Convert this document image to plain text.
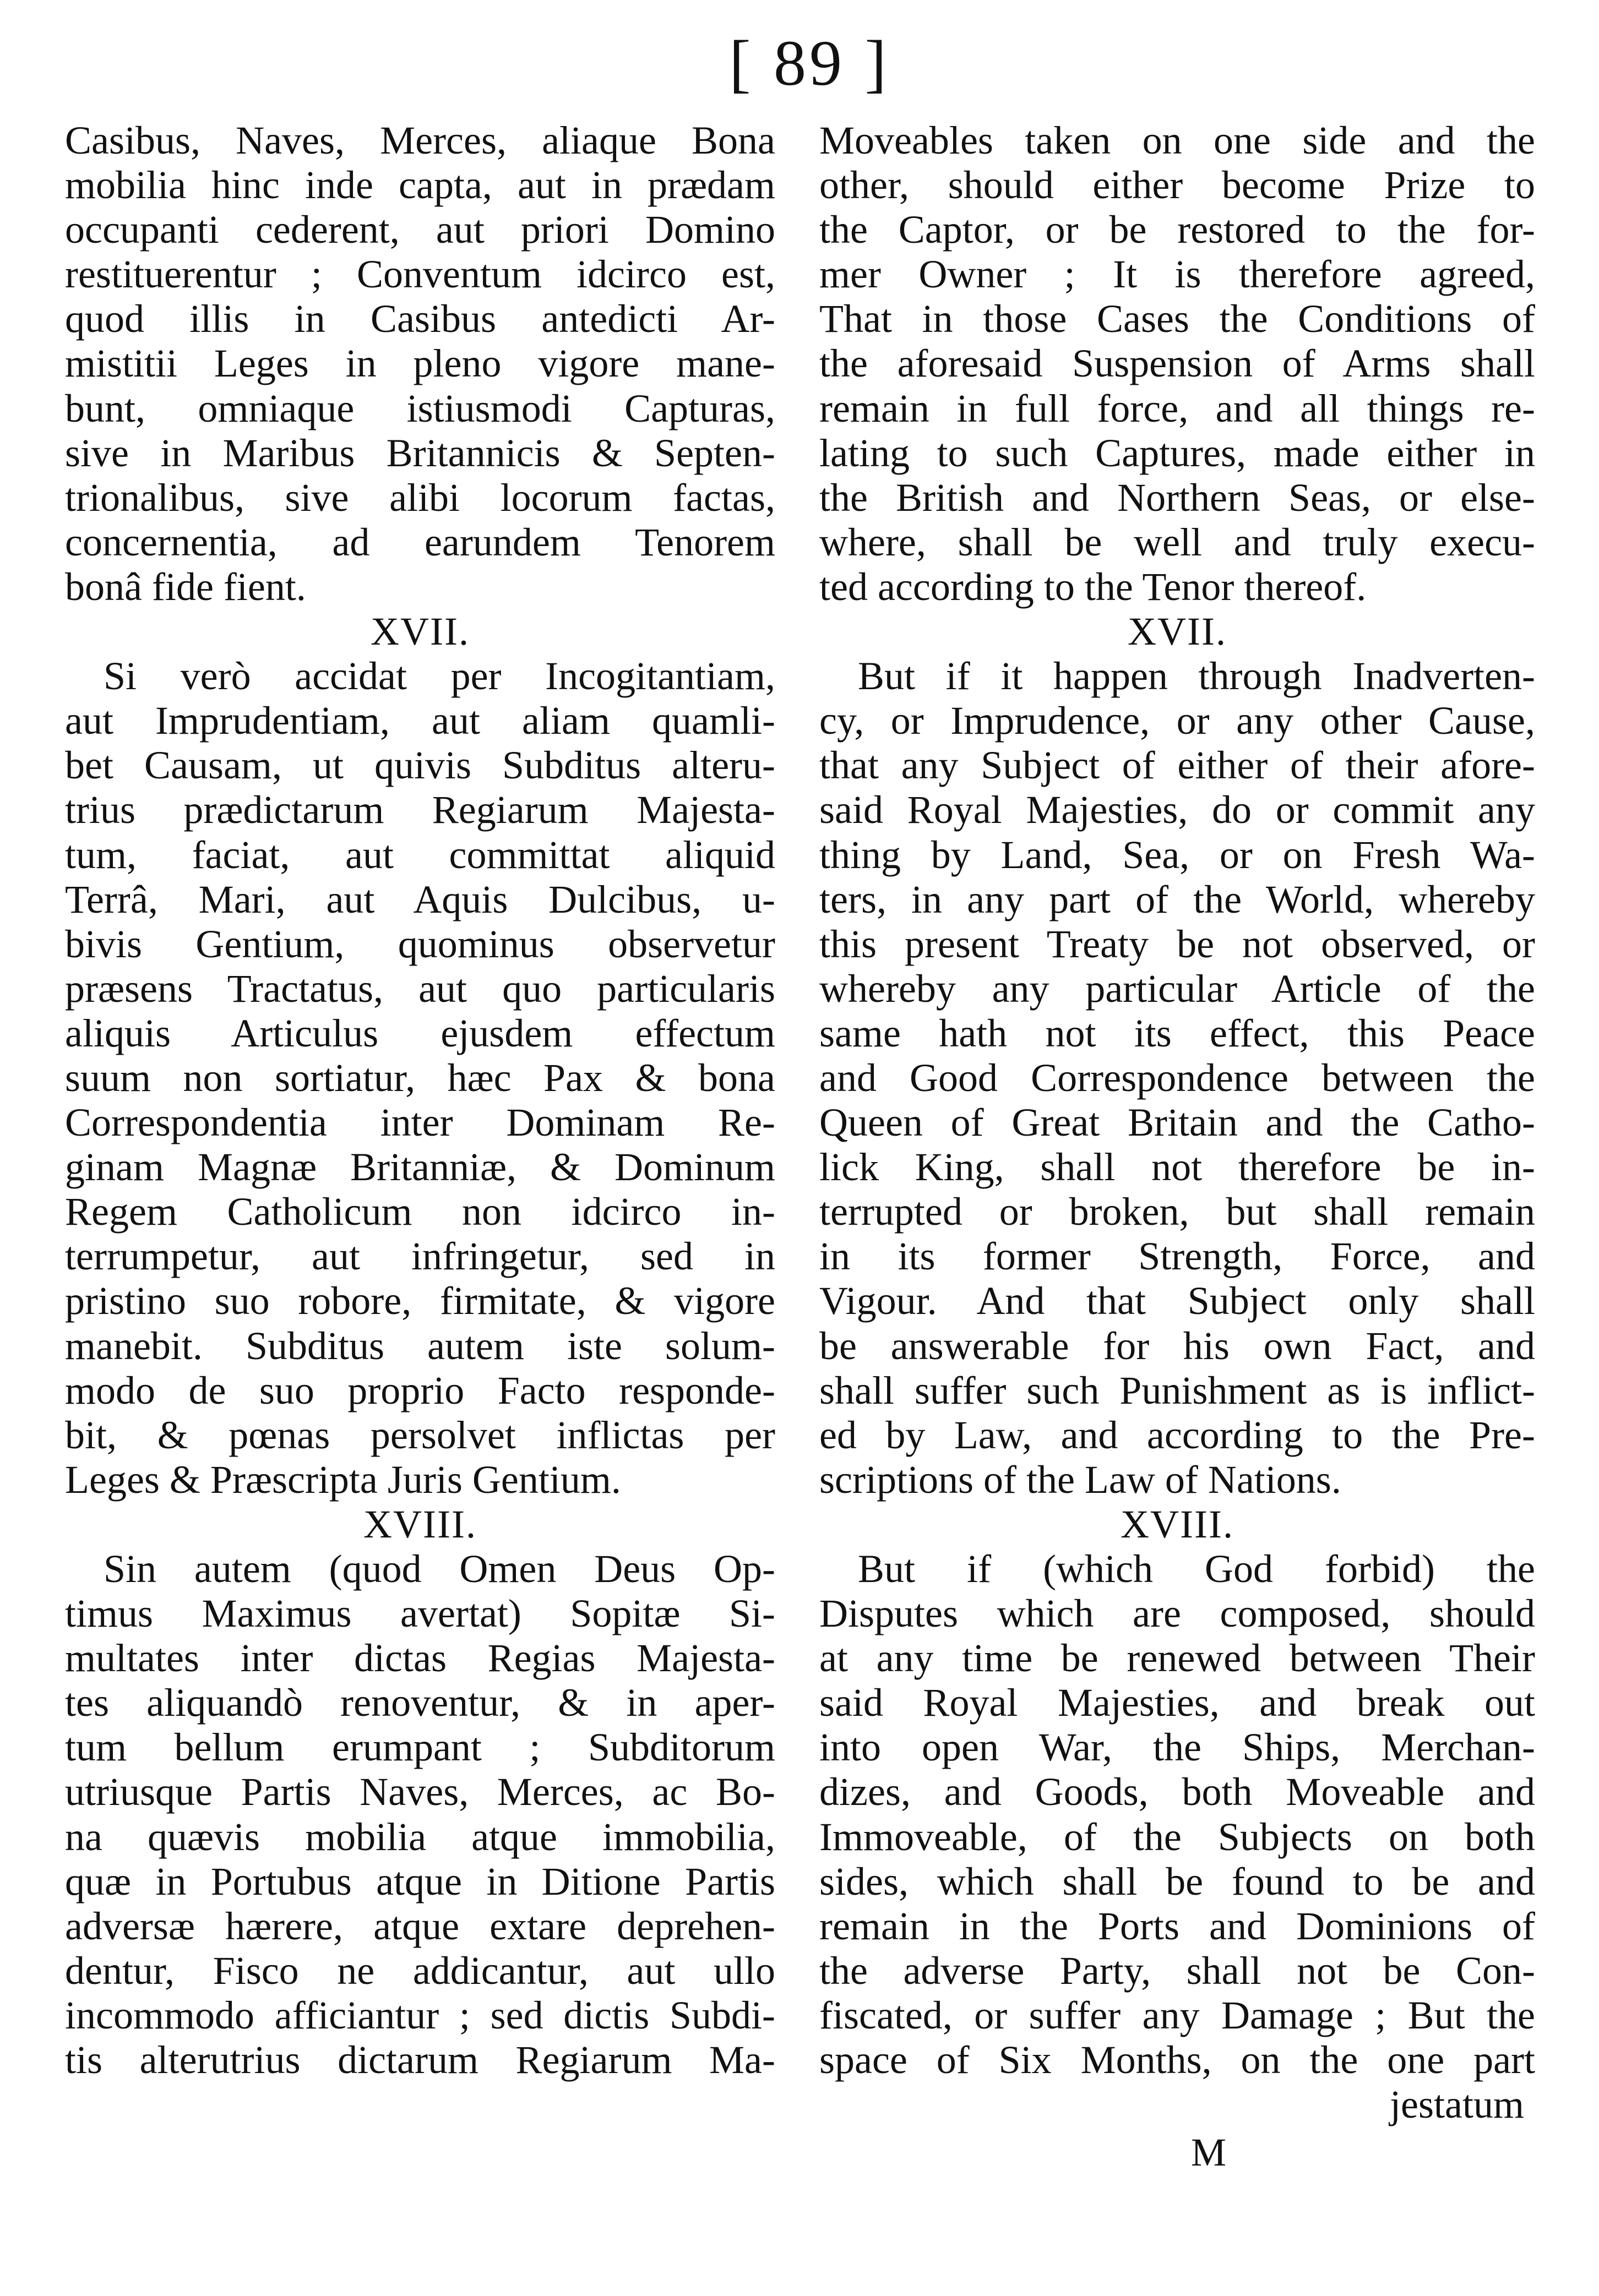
[ 89 ]
Casibus, Naves, Merces, aliaque Bona
mobilia hinc inde capta, aut in prædam
occupanti cederent, aut priori Domino
restituerentur ; Conventum idcirco est,
quod illis in Casibus antedicti Ar-
mistitii Leges in pleno vigore mane-
bunt, omniaque istiusmodi Capturas,
sive in Maribus Britannicis & Septen-
trionalibus, sive alibi locorum factas,
concernentia, ad earundem Tenorem
bonâ fide fient.
XVII.
Si verò accidat per Incogitantiam,
aut Imprudentiam, aut aliam quamli-
bet Causam, ut quivis Subditus alteru-
trius prædictarum Regiarum Majesta-
tum, faciat, aut committat aliquid
Terrâ, Mari, aut Aquis Dulcibus, u-
bivis Gentium, quominus observetur
præsens Tractatus, aut quo particularis
aliquis Articulus ejusdem effectum
suum non sortiatur, hæc Pax & bona
Correspondentia inter Dominam Re-
ginam Magnæ Britanniæ, & Dominum
Regem Catholicum non idcirco in-
terrumpetur, aut infringetur, sed in
pristino suo robore, firmitate, & vigore
manebit. Subditus autem iste solum-
modo de suo proprio Facto responde-
bit, & pœnas persolvet inflictas per
Leges & Præscripta Juris Gentium.
XVIII.
Sin autem (quod Omen Deus Op-
timus Maximus avertat) Sopitæ Si-
multates inter dictas Regias Majesta-
tes aliquandò renoventur, & in aper-
tum bellum erumpant ; Subditorum
utriusque Partis Naves, Merces, ac Bo-
na quævis mobilia atque immobilia,
quæ in Portubus atque in Ditione Partis
adversæ hærere, atque extare deprehen-
dentur, Fisco ne addicantur, aut ullo
incommodo afficiantur ; sed dictis Subdi-
tis alterutrius dictarum Regiarum Ma-
Moveables taken on one side and the
other, should either become Prize to
the Captor, or be restored to the for-
mer Owner ; It is therefore agreed,
That in those Cases the Conditions of
the aforesaid Suspension of Arms shall
remain in full force, and all things re-
lating to such Captures, made either in
the British and Northern Seas, or else-
where, shall be well and truly execu-
ted according to the Tenor thereof.
XVII.
But if it happen through Inadverten-
cy, or Imprudence, or any other Cause,
that any Subject of either of their afore-
said Royal Majesties, do or commit any
thing by Land, Sea, or on Fresh Wa-
ters, in any part of the World, whereby
this present Treaty be not observed, or
whereby any particular Article of the
same hath not its effect, this Peace
and Good Correspondence between the
Queen of Great Britain and the Catho-
lick King, shall not therefore be in-
terrupted or broken, but shall remain
in its former Strength, Force, and
Vigour. And that Subject only shall
be answerable for his own Fact, and
shall suffer such Punishment as is inflict-
ed by Law, and according to the Pre-
scriptions of the Law of Nations.
XVIII.
But if (which God forbid) the
Disputes which are composed, should
at any time be renewed between Their
said Royal Majesties, and break out
into open War, the Ships, Merchan-
dizes, and Goods, both Moveable and
Immoveable, of the Subjects on both
sides, which shall be found to be and
remain in the Ports and Dominions of
the adverse Party, shall not be Con-
fiscated, or suffer any Damage ; But the
space of Six Months, on the one part
jestatum
M
